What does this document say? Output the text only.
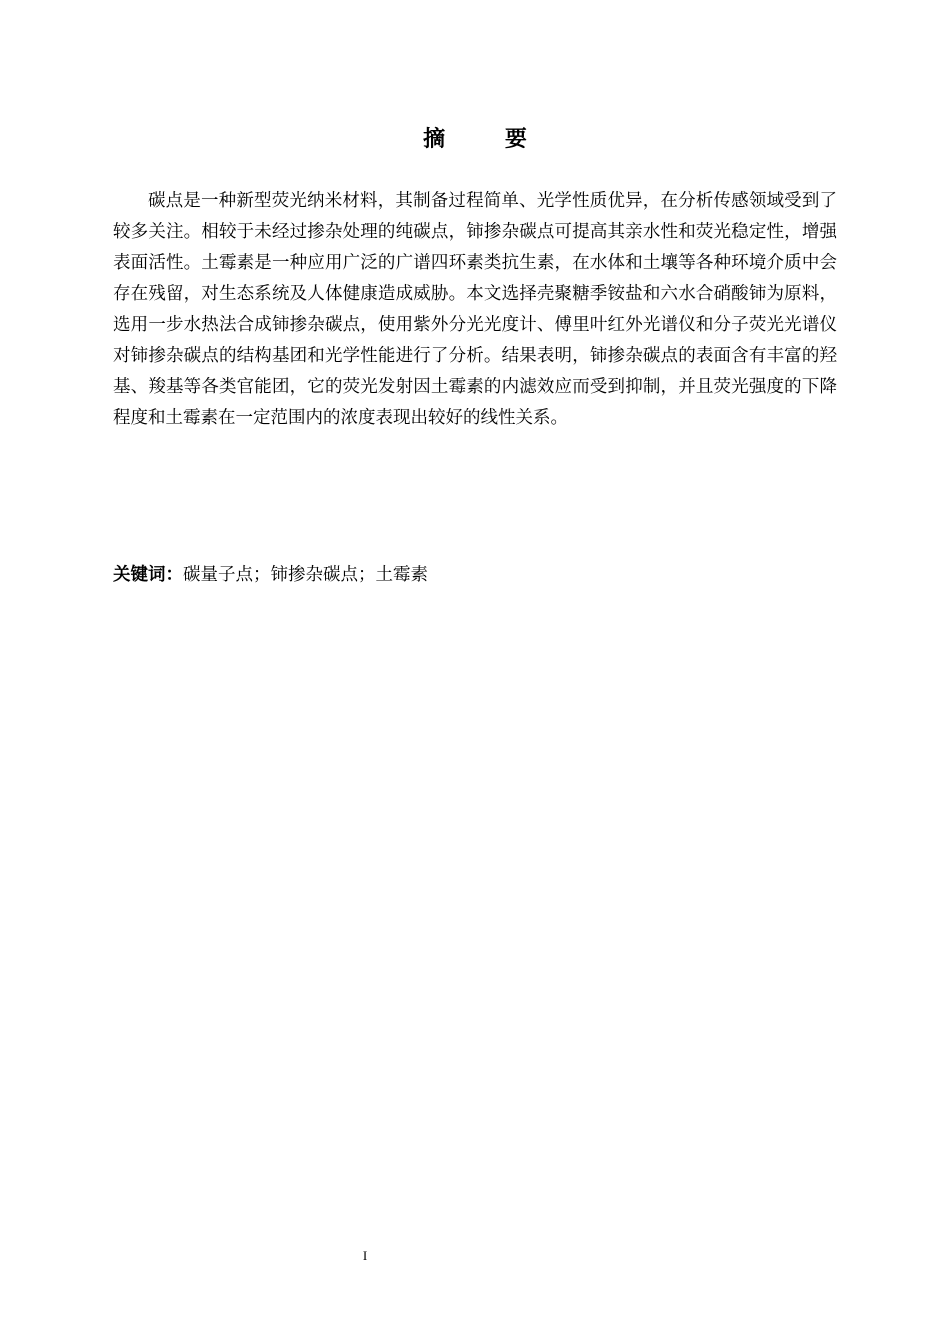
摘 要

碳点是一种新型荧光纳米材料，其制备过程简单、光学性质优异，在分析传感领域受到了较多关注。相较于未经过掺杂处理的纯碳点，铈掺杂碳点可提高其亲水性和荧光稳定性，增强表面活性。土霉素是一种应用广泛的广谱四环素类抗生素，在水体和土壤等各种环境介质中会存在残留，对生态系统及人体健康造成威胁。本文选择壳聚糖季铵盐和六水合硝酸铈为原料，选用一步水热法合成铈掺杂碳点，使用紫外分光光度计、傅里叶红外光谱仪和分子荧光光谱仪对铈掺杂碳点的结构基团和光学性能进行了分析。结果表明，铈掺杂碳点的表面含有丰富的羟基、羧基等各类官能团，它的荧光发射因土霉素的内滤效应而受到抑制，并且荧光强度的下降程度和土霉素在一定范围内的浓度表现出较好的线性关系。

关键词：碳量子点；铈掺杂碳点；土霉素
I
